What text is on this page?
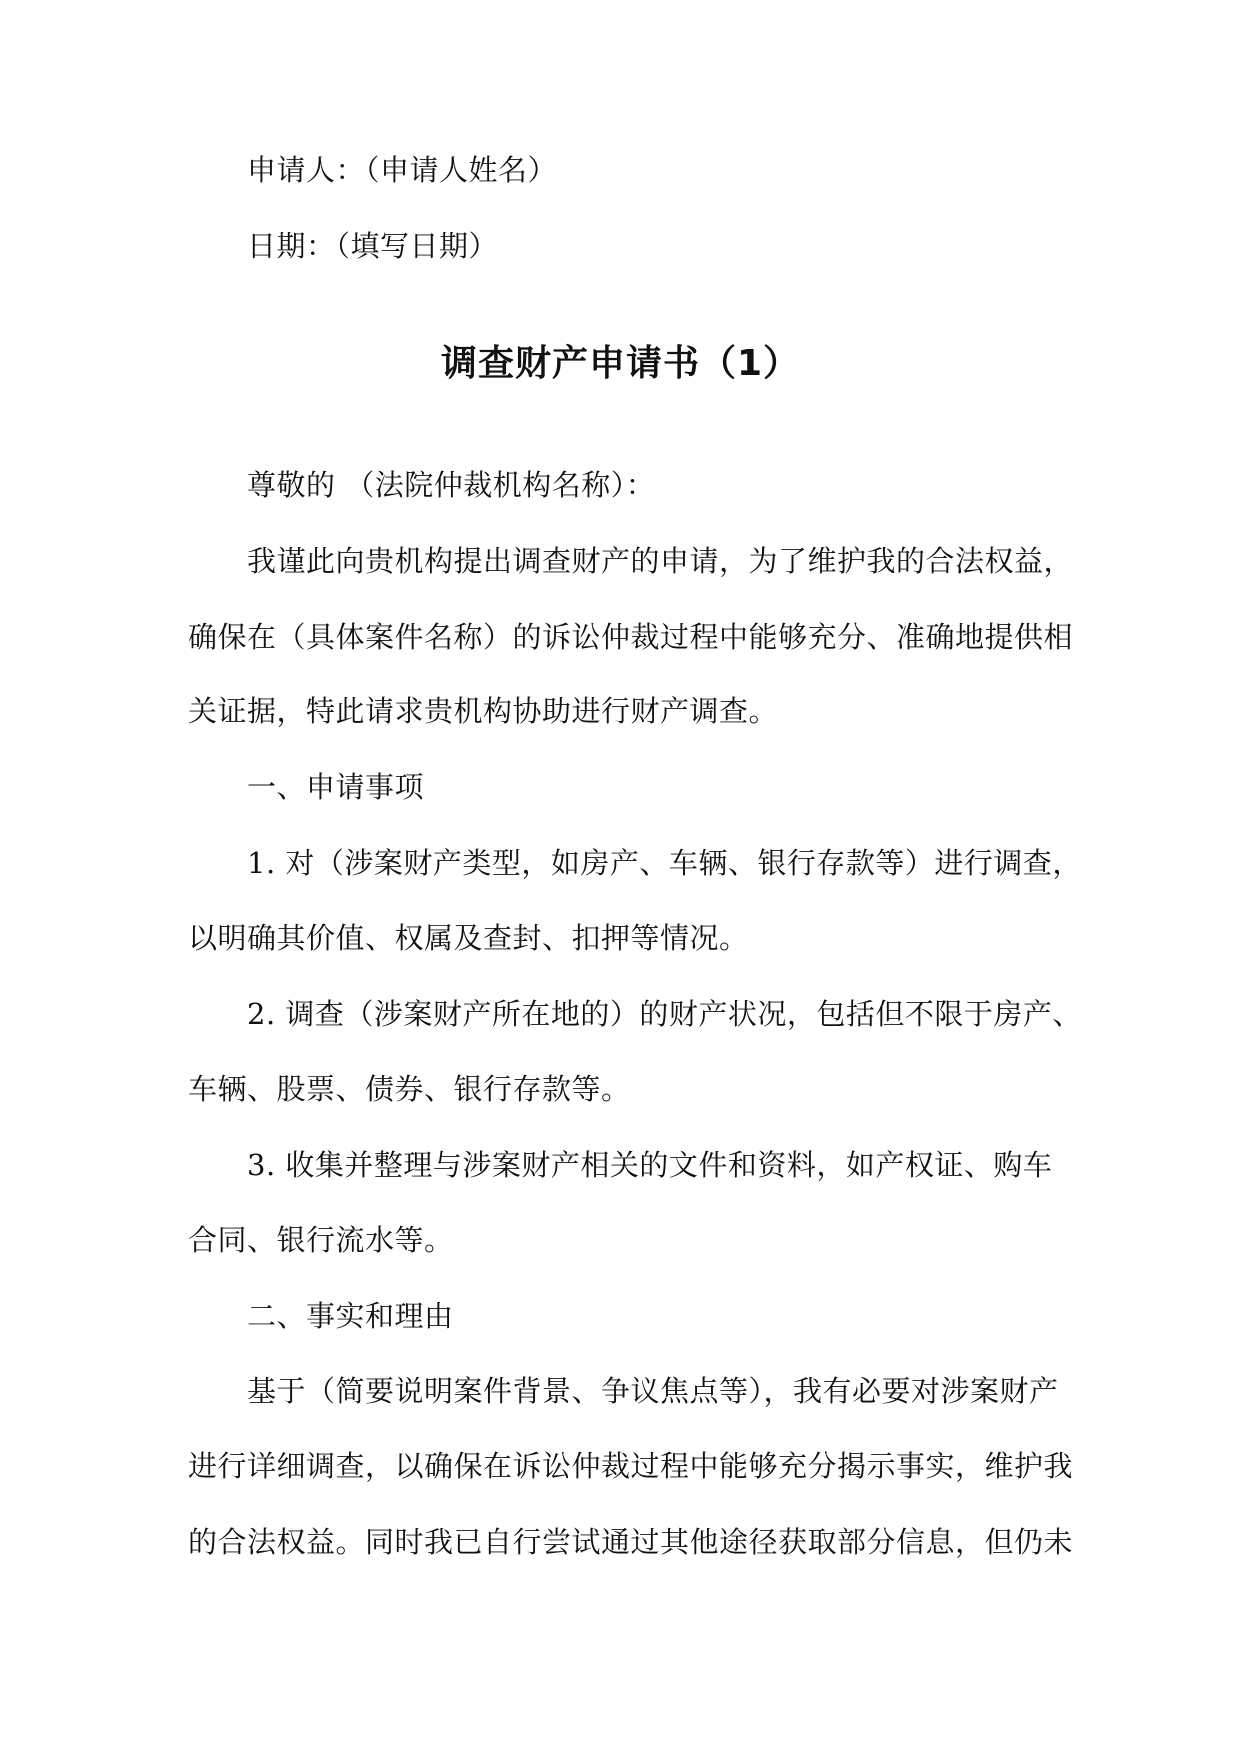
申请人：（申请人姓名）
日期：（填写日期）
调查财产申请书（1）
尊敬的 （法院仲裁机构名称）：
我谨此向贵机构提出调查财产的申请，为了维护我的合法权益，
确保在（具体案件名称）的诉讼仲裁过程中能够充分、准确地提供相
关证据，特此请求贵机构协助进行财产调查。
一、申请事项
1. 对（涉案财产类型，如房产、车辆、银行存款等）进行调查，
以明确其价值、权属及查封、扣押等情况。
2. 调查（涉案财产所在地的）的财产状况，包括但不限于房产、
车辆、股票、债券、银行存款等。
3. 收集并整理与涉案财产相关的文件和资料，如产权证、购车
合同、银行流水等。
二、事实和理由
基于（简要说明案件背景、争议焦点等），我有必要对涉案财产
进行详细调查，以确保在诉讼仲裁过程中能够充分揭示事实，维护我
的合法权益。同时我已自行尝试通过其他途径获取部分信息，但仍未
